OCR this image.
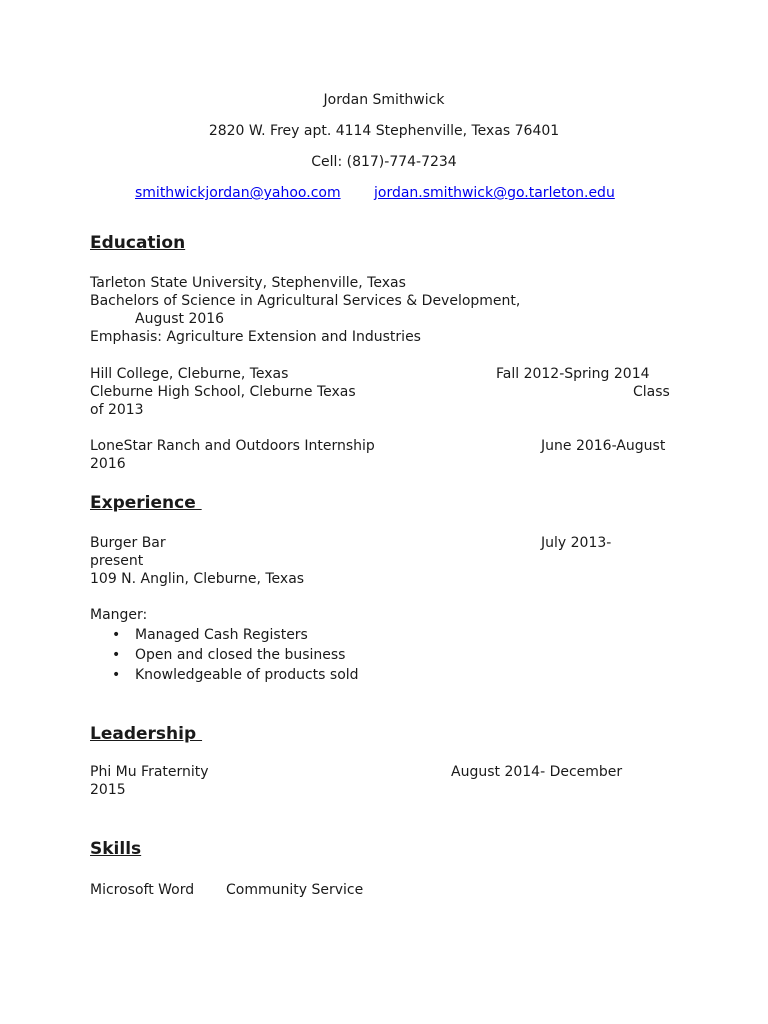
Jordan Smithwick
2820 W. Frey apt. 4114 Stephenville, Texas 76401
Cell: (817)-774-7234
smithwickjordan@yahoo.com jordan.smithwick@go.tarleton.edu
Education
Tarleton State University, Stephenville, Texas
Bachelors of Science in Agricultural Services & Development,
August 2016
Emphasis: Agriculture Extension and Industries
Hill College, Cleburne, Texas	Fall 2012-Spring 2014
Cleburne High School, Cleburne Texas	Class
of 2013
LoneStar Ranch and Outdoors Internship	June 2016-August
2016
Experience
Burger Bar	July 2013-
present
109 N. Anglin, Cleburne, Texas
Manger:
• Managed Cash Registers
• Open and closed the business
• Knowledgeable of products sold
Leadership
Phi Mu Fraternity	August 2014- December
2015
Skills
Microsoft Word Community Service
